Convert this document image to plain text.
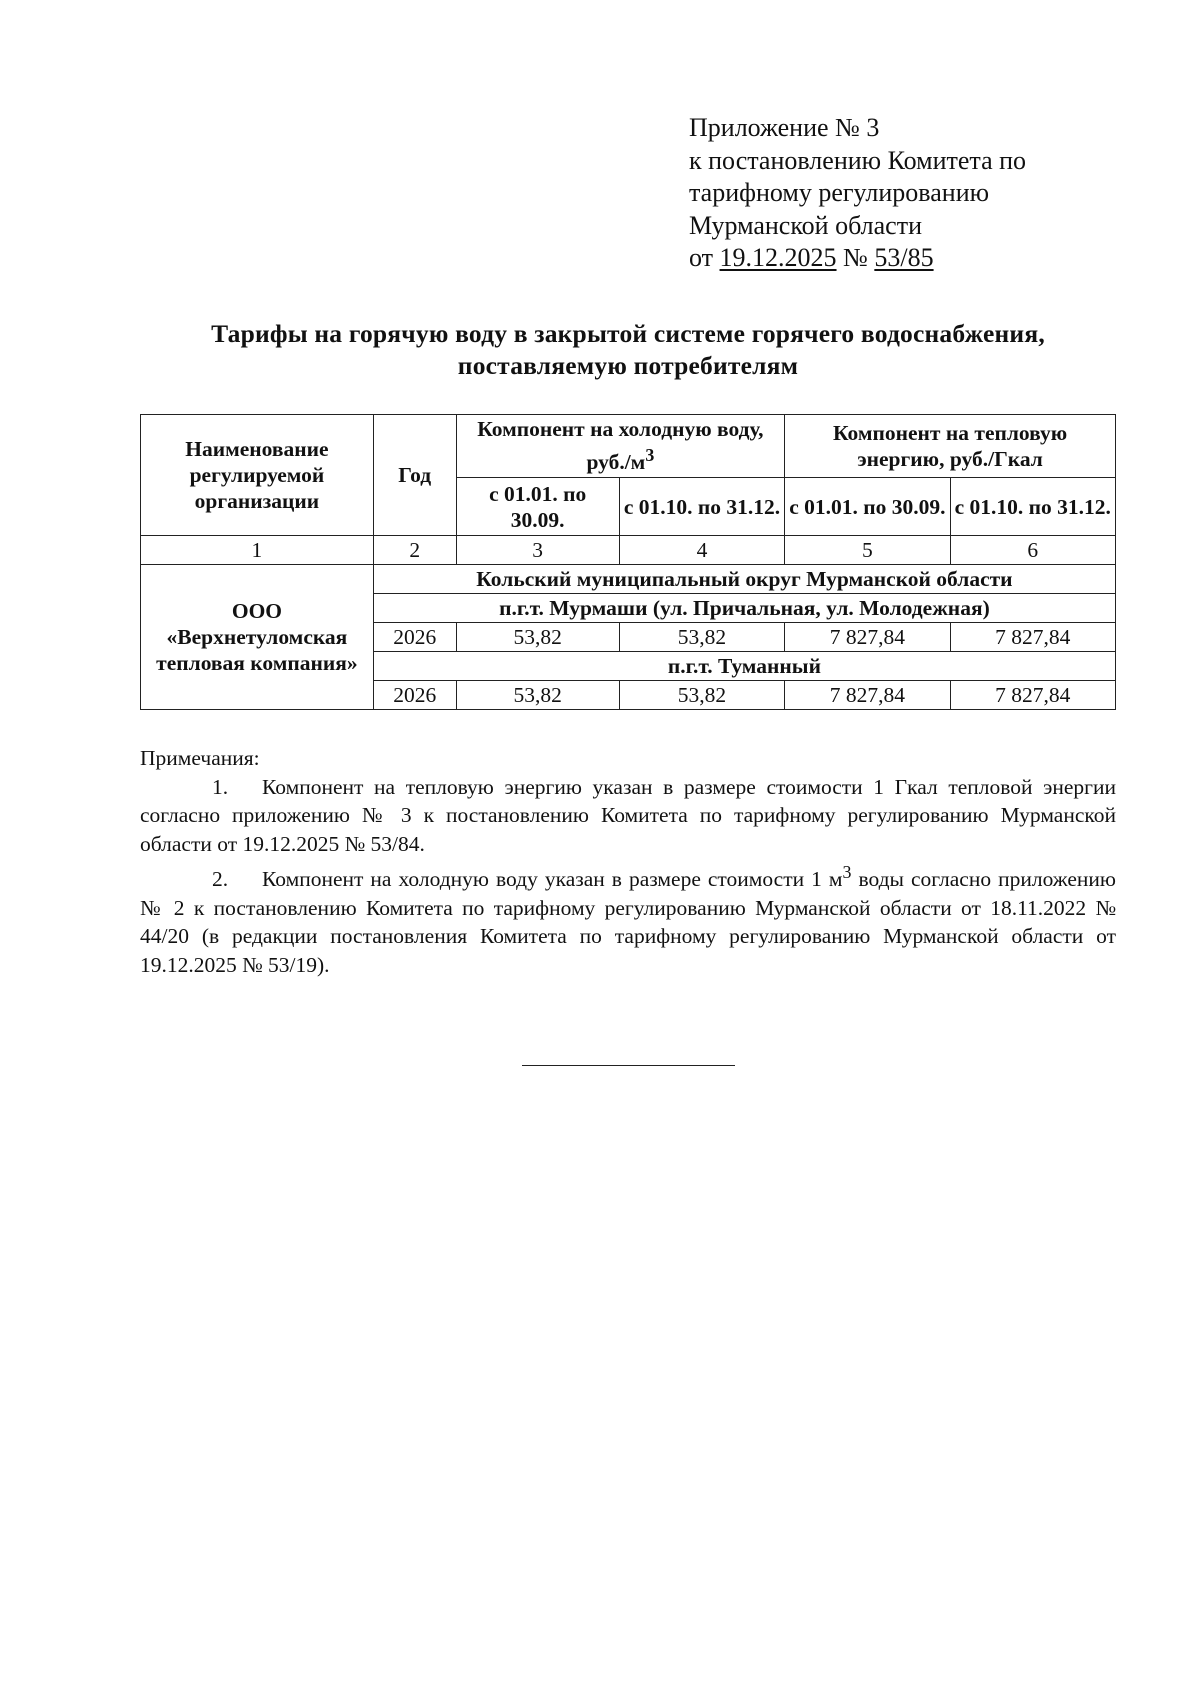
Приложение № 3
к постановлению Комитета по
тарифному регулированию
Мурманской области
от 19.12.2025 № 53/85
Тарифы на горячую воду в закрытой системе горячего водоснабжения,
поставляемую потребителям
Наименование регулируемой организации	Год	Компонент на холодную воду, $руб./м^3$		Компонент на тепловую энергию, руб./Гкал	
		с 01.01. по 30.09.	с 01.10. по 31.12.	с 01.01. по 30.09.	с 01.10. по 31.12.
1	2	3	4	5	6
ООО «Верхнетуломская тепловая компания»	Кольский муниципальный округ Мурманской области				
	п.г.т. Мурмаши (ул. Причальная, ул. Молодежная)				
	2026	53,82	53,82	7 827,84	7 827,84
	п.г.т. Туманный				
	2026	53,82	53,82	7 827,84	7 827,84

Примечания:

1. Компонент на тепловую энергию указан в размере стоимости 1 Гкал тепловой энергии согласно приложению № 3 к постановлению Комитета по тарифному регулированию Мурманской области от 19.12.2025 № 53/84.

2. Компонент на холодную воду указан в размере стоимости 1 $м^3$ воды согласно приложению № 2 к постановлению Комитета по тарифному регулированию Мурманской области от 18.11.2022 № 44/20 (в редакции постановления Комитета по тарифному регулированию Мурманской области от 19.12.2025 № 53/19).
